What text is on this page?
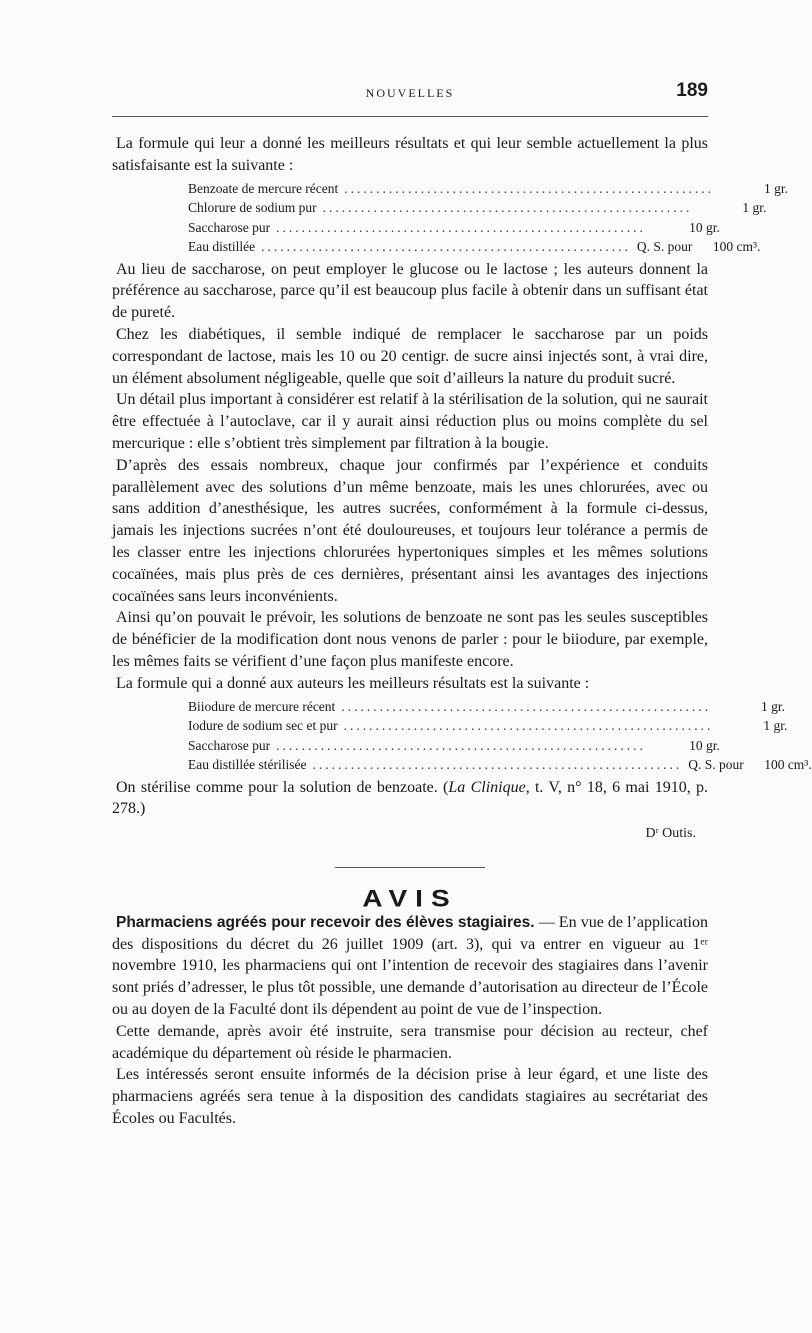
NOUVELLES	189

La formule qui leur a donné les meilleurs résultats et qui leur semble actuellement la plus satisfaisante est la suivante :

Benzoate de mercure récent ..........................................................	1 gr.
Chlorure de sodium pur ..........................................................	1 gr.
Saccharose pur ..........................................................	10 gr.
Eau distillée .......................................................... Q. S. pour	100 cm³.

Au lieu de saccharose, on peut employer le glucose ou le lactose ; les auteurs donnent la préférence au saccharose, parce qu’il est beaucoup plus facile à obtenir dans un suffisant état de pureté.

Chez les diabétiques, il semble indiqué de remplacer le saccharose par un poids correspondant de lactose, mais les 10 ou 20 centigr. de sucre ainsi injectés sont, à vrai dire, un élément absolument négligeable, quelle que soit d’ailleurs la nature du produit sucré.

Un détail plus important à considérer est relatif à la stérilisation de la solution, qui ne saurait être effectuée à l’autoclave, car il y aurait ainsi réduction plus ou moins complète du sel mercurique : elle s’obtient très simplement par filtration à la bougie.

D’après des essais nombreux, chaque jour confirmés par l’expérience et conduits parallèlement avec des solutions d’un même benzoate, mais les unes chlorurées, avec ou sans addition d’anesthésique, les autres sucrées, conformément à la formule ci-dessus, jamais les injections sucrées n’ont été douloureuses, et toujours leur tolérance a permis de les classer entre les injections chlorurées hypertoniques simples et les mêmes solutions cocaïnées, mais plus près de ces dernières, présentant ainsi les avantages des injections cocaïnées sans leurs inconvénients.

Ainsi qu’on pouvait le prévoir, les solutions de benzoate ne sont pas les seules susceptibles de bénéficier de la modification dont nous venons de parler : pour le biiodure, par exemple, les mêmes faits se vérifient d’une façon plus manifeste encore.

La formule qui a donné aux auteurs les meilleurs résultats est la suivante :

Biiodure de mercure récent ..........................................................	1 gr.
Iodure de sodium sec et pur ..........................................................	1 gr.
Saccharose pur ..........................................................	10 gr.
Eau distillée stérilisée .......................................................... Q. S. pour	100 cm³.

On stérilise comme pour la solution de benzoate. (La Clinique, t. V, n° 18, 6 mai 1910, p. 278.)

Dʳ Outis.
AVIS

Pharmaciens agréés pour recevoir des élèves stagiaires. — En vue de l’application des dispositions du décret du 26 juillet 1909 (art. 3), qui va entrer en vigueur au 1ᵉʳ novembre 1910, les pharmaciens qui ont l’intention de recevoir des stagiaires dans l’avenir sont priés d’adresser, le plus tôt possible, une demande d’autorisation au directeur de l’École ou au doyen de la Faculté dont ils dépendent au point de vue de l’inspection.

Cette demande, après avoir été instruite, sera transmise pour décision au recteur, chef académique du département où réside le pharmacien.

Les intéressés seront ensuite informés de la décision prise à leur égard, et une liste des pharmaciens agréés sera tenue à la disposition des candidats stagiaires au secrétariat des Écoles ou Facultés.
